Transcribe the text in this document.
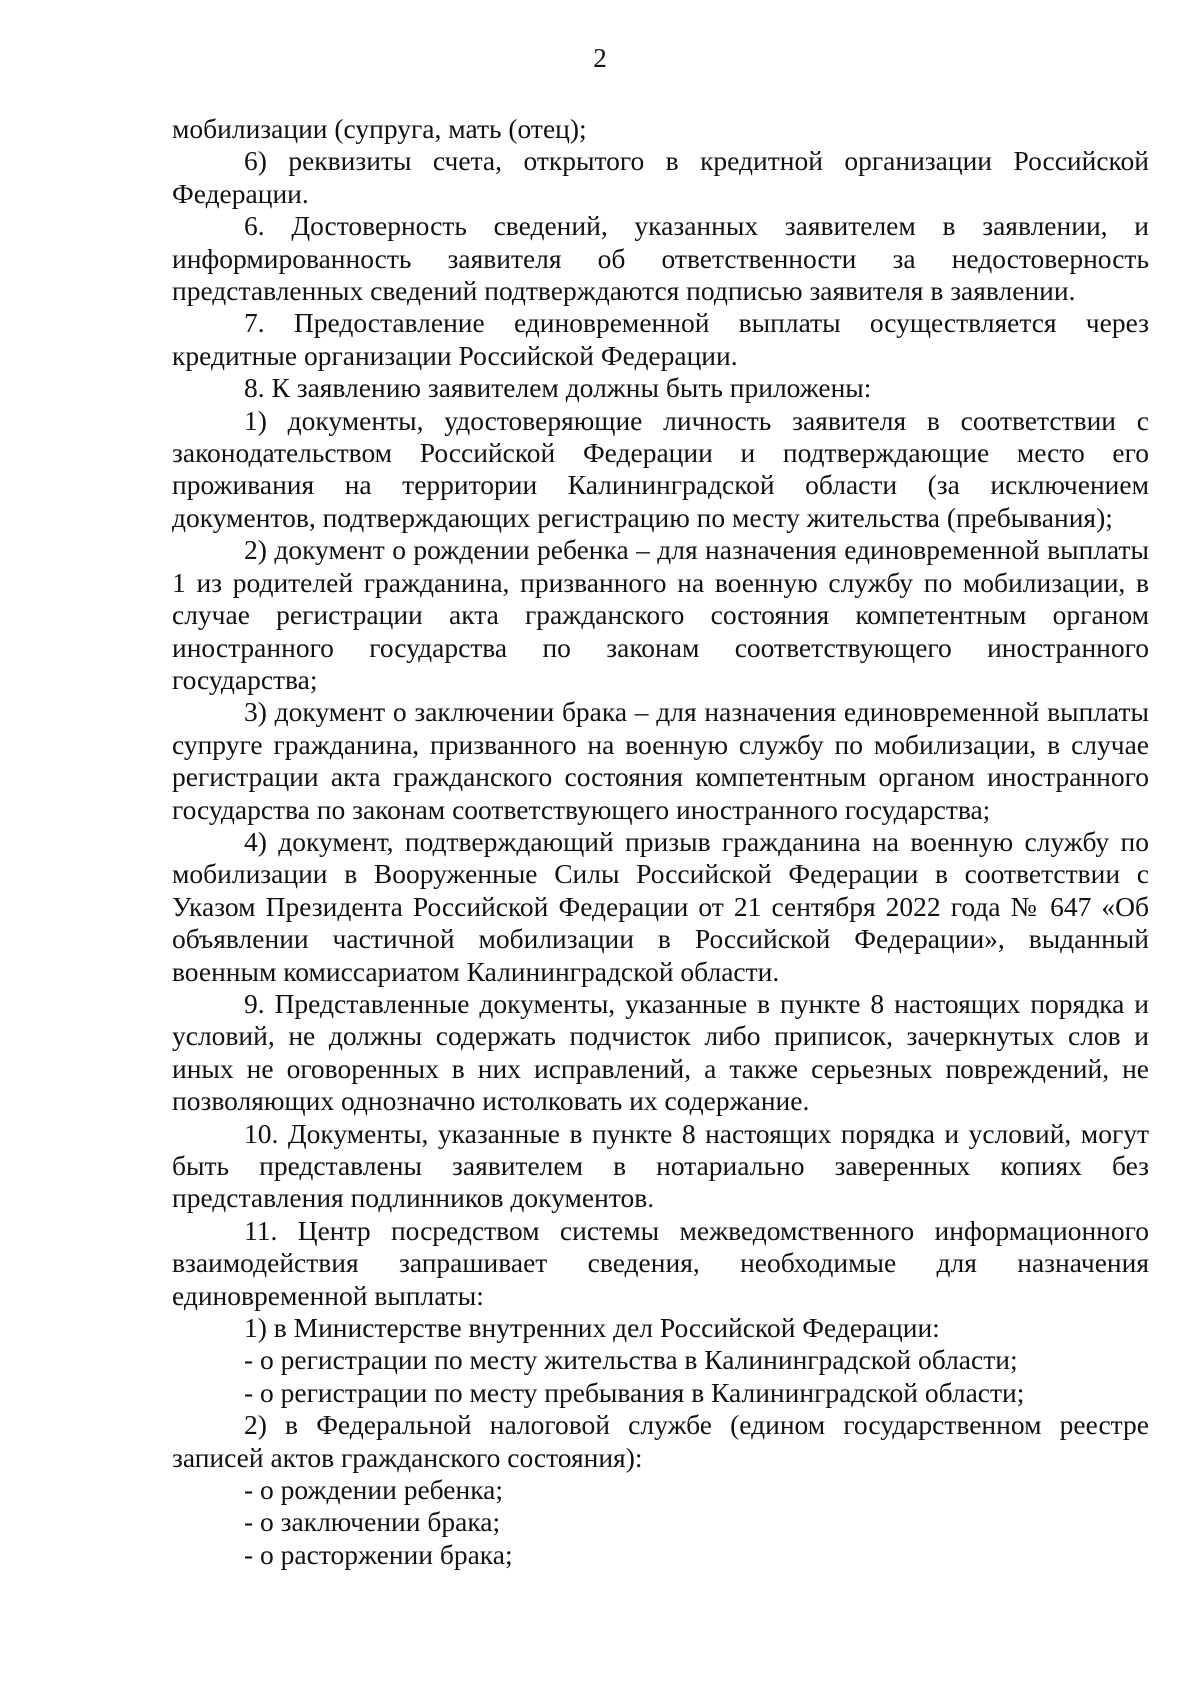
2

мобилизации (супруга, мать (отец);

6) реквизиты счета, открытого в кредитной организации Российской Федерации.

6. Достоверность сведений, указанных заявителем в заявлении, и информированность заявителя об ответственности за недостоверность представленных сведений подтверждаются подписью заявителя в заявлении.

7. Предоставление единовременной выплаты осуществляется через кредитные организации Российской Федерации.

8. К заявлению заявителем должны быть приложены:

1) документы, удостоверяющие личность заявителя в соответствии с законодательством Российской Федерации и подтверждающие место его проживания на территории Калининградской области (за исключением документов, подтверждающих регистрацию по месту жительства (пребывания);

2) документ о рождении ребенка – для назначения единовременной выплаты 1 из родителей гражданина, призванного на военную службу по мобилизации, в случае регистрации акта гражданского состояния компетентным органом иностранного государства по законам соответствующего иностранного государства;

3) документ о заключении брака – для назначения единовременной выплаты супруге гражданина, призванного на военную службу по мобилизации, в случае регистрации акта гражданского состояния компетентным органом иностранного государства по законам соответствующего иностранного государства;

4) документ, подтверждающий призыв гражданина на военную службу по мобилизации в Вооруженные Силы Российской Федерации в соответствии с Указом Президента Российской Федерации от 21 сентября 2022 года № 647 «Об объявлении частичной мобилизации в Российской Федерации», выданный военным комиссариатом Калининградской области.

9. Представленные документы, указанные в пункте 8 настоящих порядка и условий, не должны содержать подчисток либо приписок, зачеркнутых слов и иных не оговоренных в них исправлений, а также серьезных повреждений, не позволяющих однозначно истолковать их содержание.

10. Документы, указанные в пункте 8 настоящих порядка и условий, могут быть представлены заявителем в нотариально заверенных копиях без представления подлинников документов.

11. Центр посредством системы межведомственного информационного взаимодействия запрашивает сведения, необходимые для назначения единовременной выплаты:

1) в Министерстве внутренних дел Российской Федерации:

- о регистрации по месту жительства в Калининградской области;

- о регистрации по месту пребывания в Калининградской области;

2) в Федеральной налоговой службе (едином государственном реестре записей актов гражданского состояния):

- о рождении ребенка;

- о заключении брака;

- о расторжении брака;
